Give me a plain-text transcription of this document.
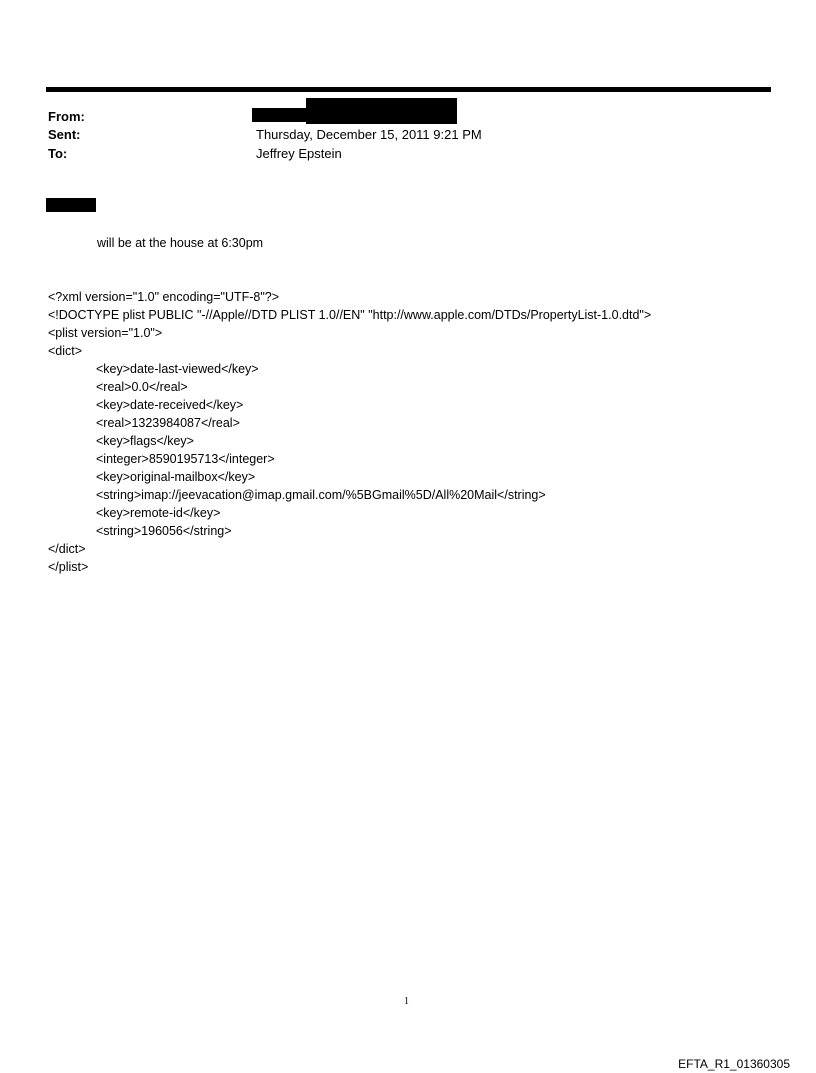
From:
Sent:	Thursday, December 15, 2011 9:21 PM
To:	Jeffrey Epstein

will be at the house at 6:30pm

<?xml version="1.0" encoding="UTF-8"?>
<!DOCTYPE plist PUBLIC "-//Apple//DTD PLIST 1.0//EN" "http://www.apple.com/DTDs/PropertyList-1.0.dtd">
<plist version="1.0">
<dict>
<key>date-last-viewed</key>
<real>0.0</real>
<key>date-received</key>
<real>1323984087</real>
<key>flags</key>
<integer>8590195713</integer>
<key>original-mailbox</key>
<string>imap://jeevacation@imap.gmail.com/%5BGmail%5D/All%20Mail</string>
<key>remote-id</key>
<string>196056</string>
</dict>
</plist>

1
EFTA_R1_01360305
